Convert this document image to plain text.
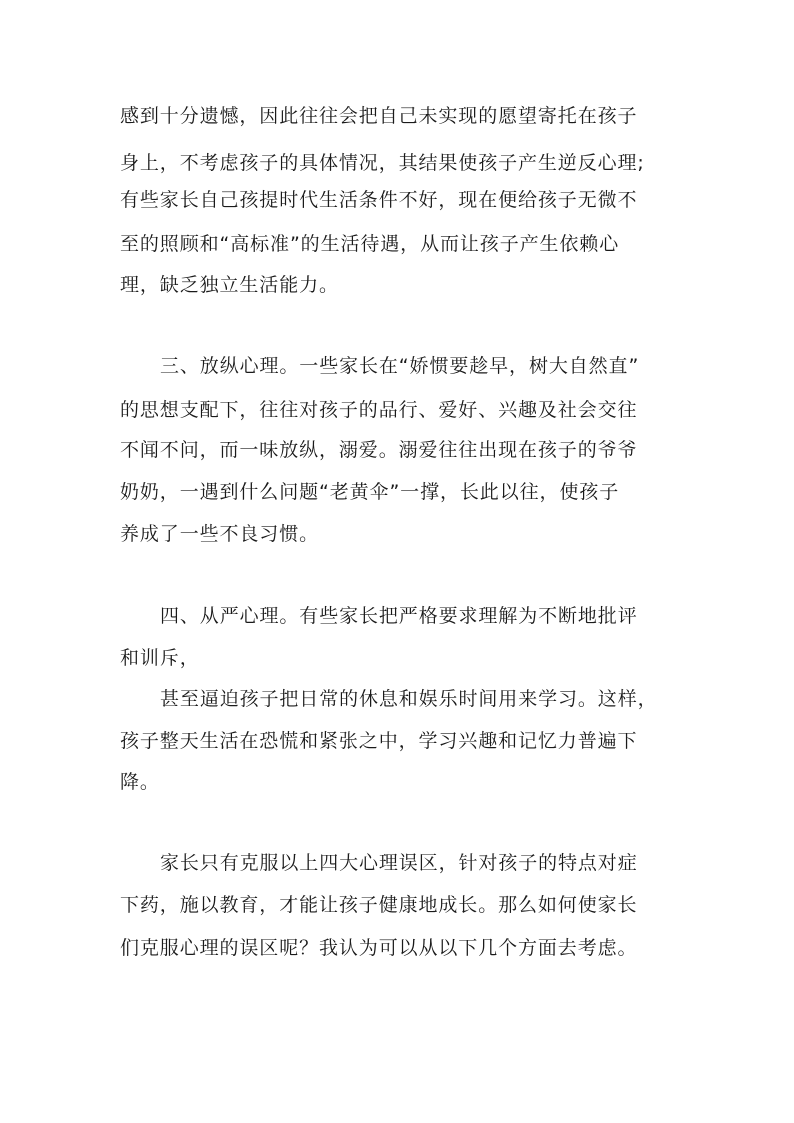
感到十分遗憾，因此往往会把自己未实现的愿望寄托在孩子

身上，不考虑孩子的具体情况，其结果使孩子产生逆反心理;

有些家长自己孩提时代生活条件不好，现在便给孩子无微不

至的照顾和“高标准”的生活待遇，从而让孩子产生依赖心

理，缺乏独立生活能力。

三、放纵心理。一些家长在“娇惯要趁早，树大自然直”

的思想支配下，往往对孩子的品行、爱好、兴趣及社会交往

不闻不问，而一味放纵，溺爱。溺爱往往出现在孩子的爷爷

奶奶，一遇到什么问题“老黄伞”一撑，长此以往，使孩子

养成了一些不良习惯。

四、从严心理。有些家长把严格要求理解为不断地批评

和训斥，

甚至逼迫孩子把日常的休息和娱乐时间用来学习。这样，

孩子整天生活在恐慌和紧张之中，学习兴趣和记忆力普遍下

降。

家长只有克服以上四大心理误区，针对孩子的特点对症

下药，施以教育，才能让孩子健康地成长。那么如何使家长

们克服心理的误区呢？我认为可以从以下几个方面去考虑。
